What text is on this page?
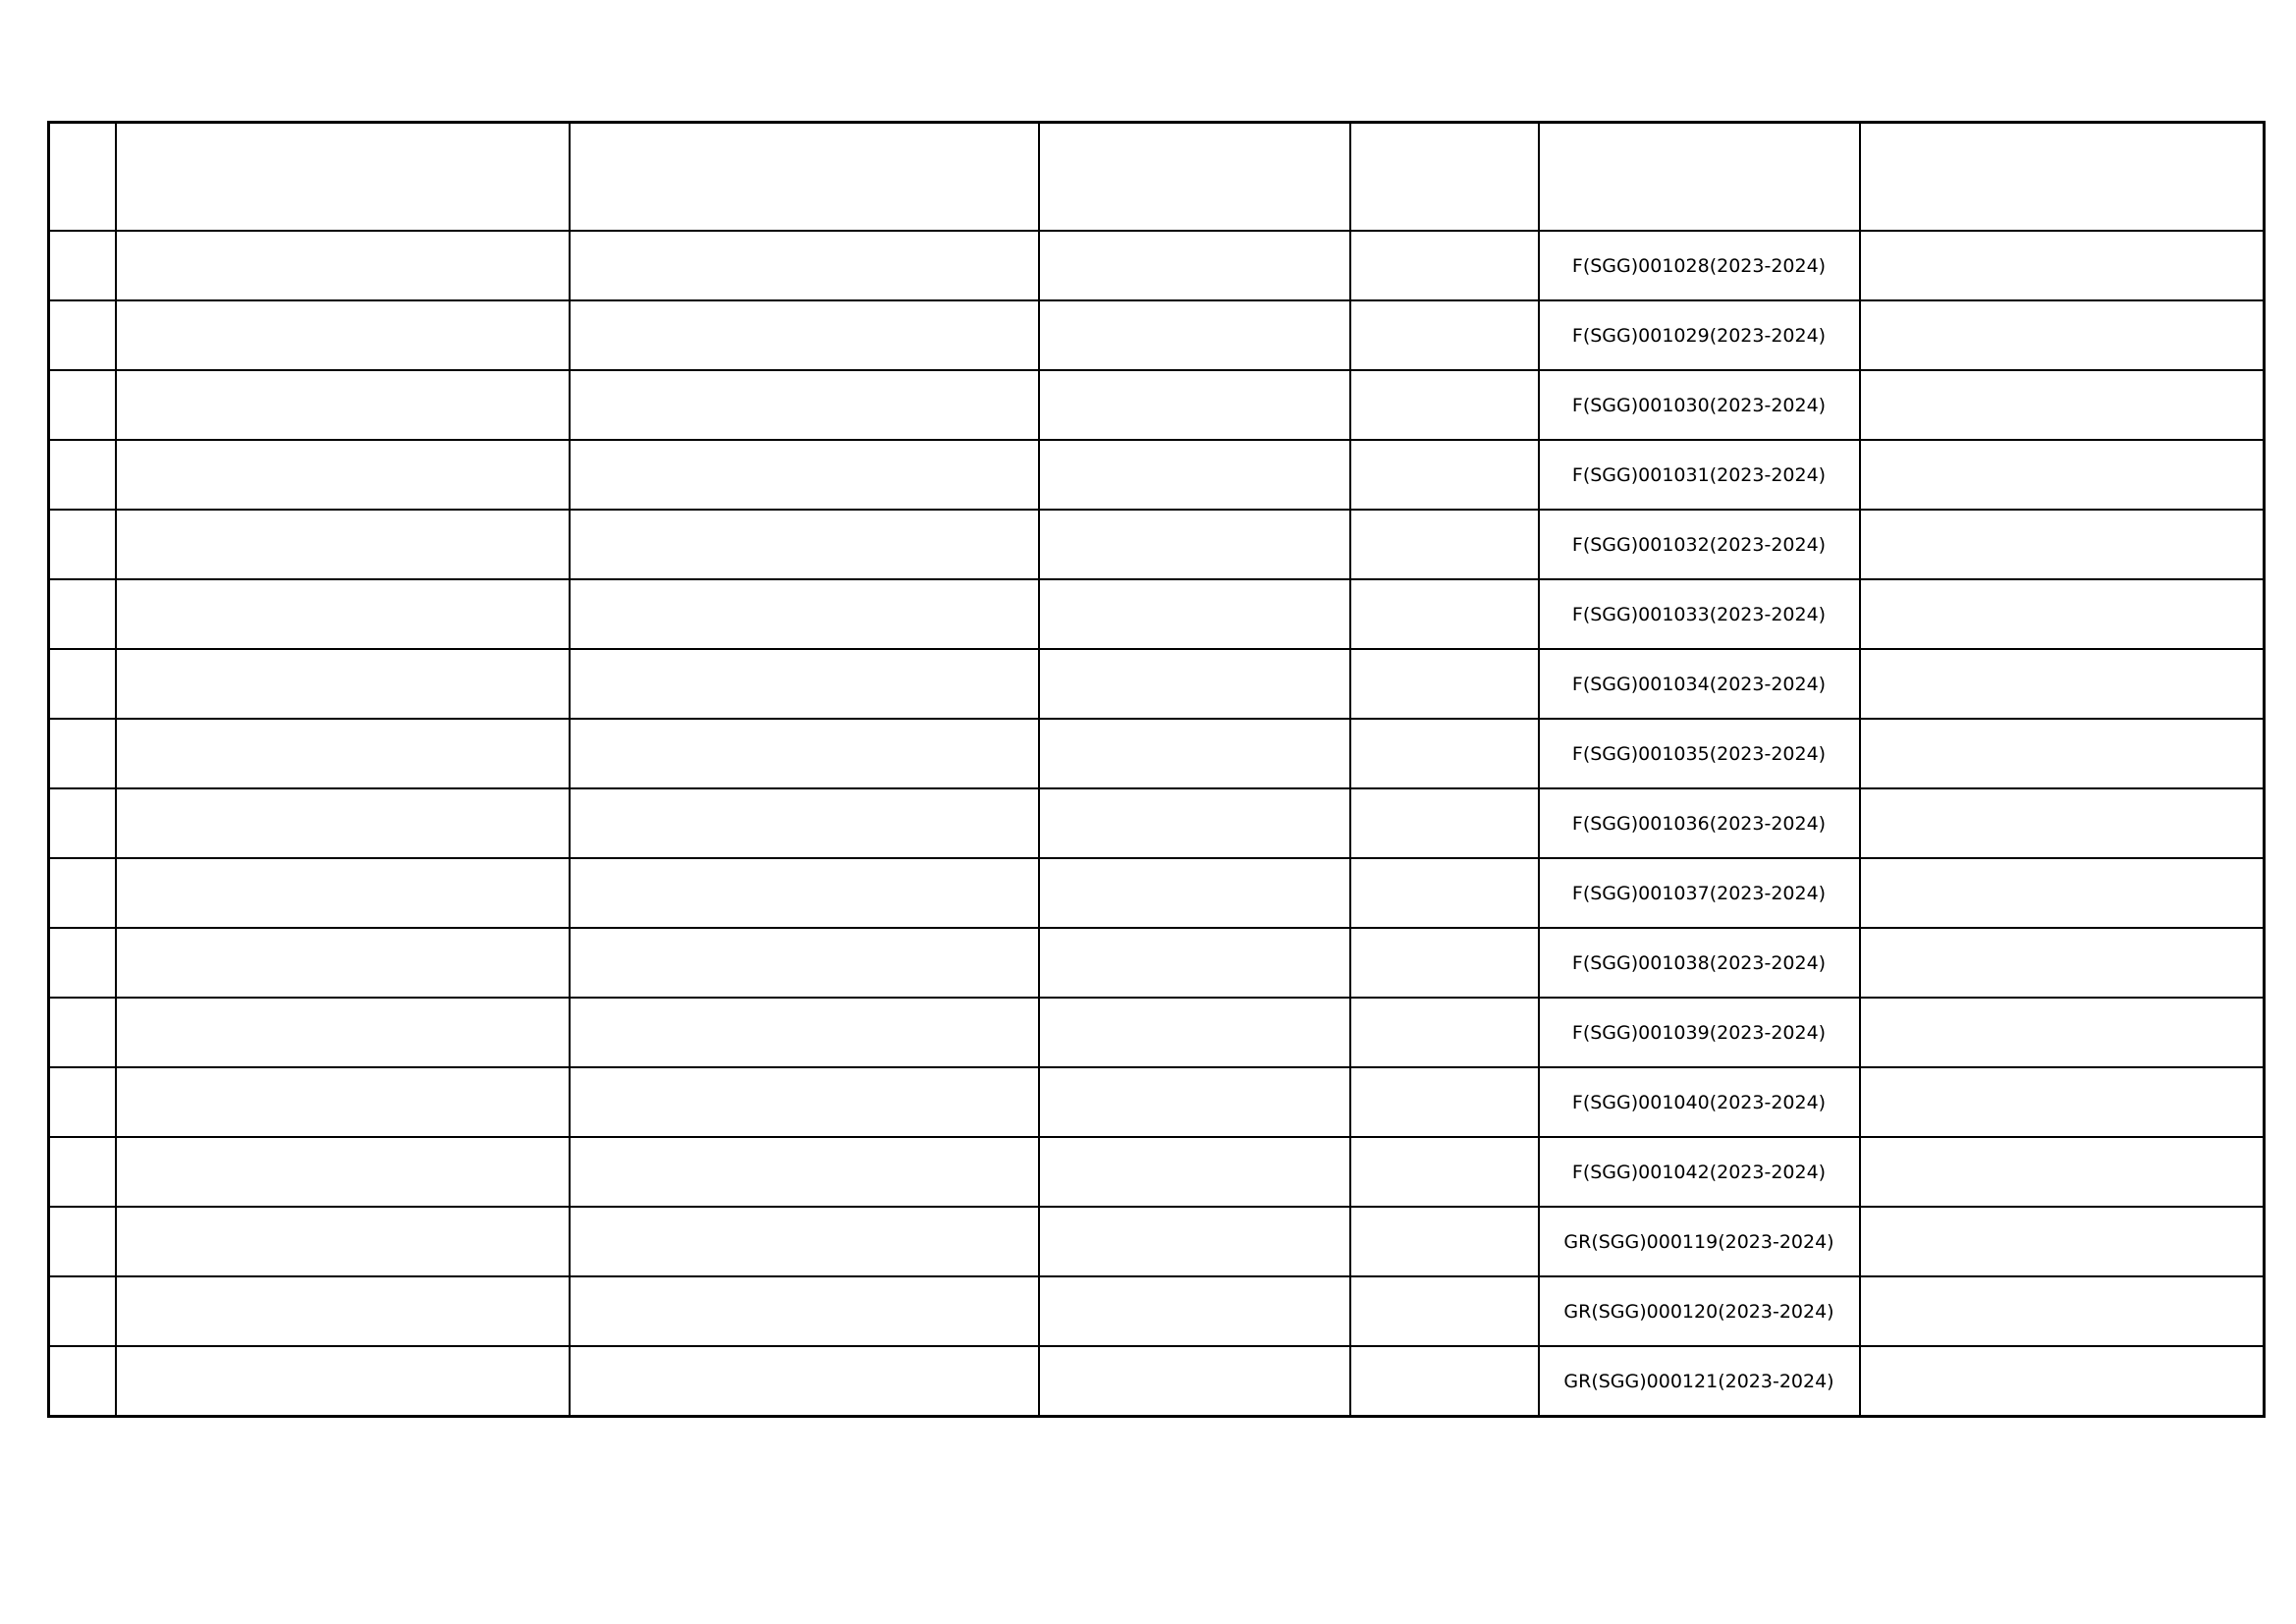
					F(SGG)001028(2023-2024)	
					F(SGG)001029(2023-2024)	
					F(SGG)001030(2023-2024)	
					F(SGG)001031(2023-2024)	
					F(SGG)001032(2023-2024)	
					F(SGG)001033(2023-2024)	
					F(SGG)001034(2023-2024)	
					F(SGG)001035(2023-2024)	
					F(SGG)001036(2023-2024)	
					F(SGG)001037(2023-2024)	
					F(SGG)001038(2023-2024)	
					F(SGG)001039(2023-2024)	
					F(SGG)001040(2023-2024)	
					F(SGG)001042(2023-2024)	
					GR(SGG)000119(2023-2024)	
					GR(SGG)000120(2023-2024)	
					GR(SGG)000121(2023-2024)	
